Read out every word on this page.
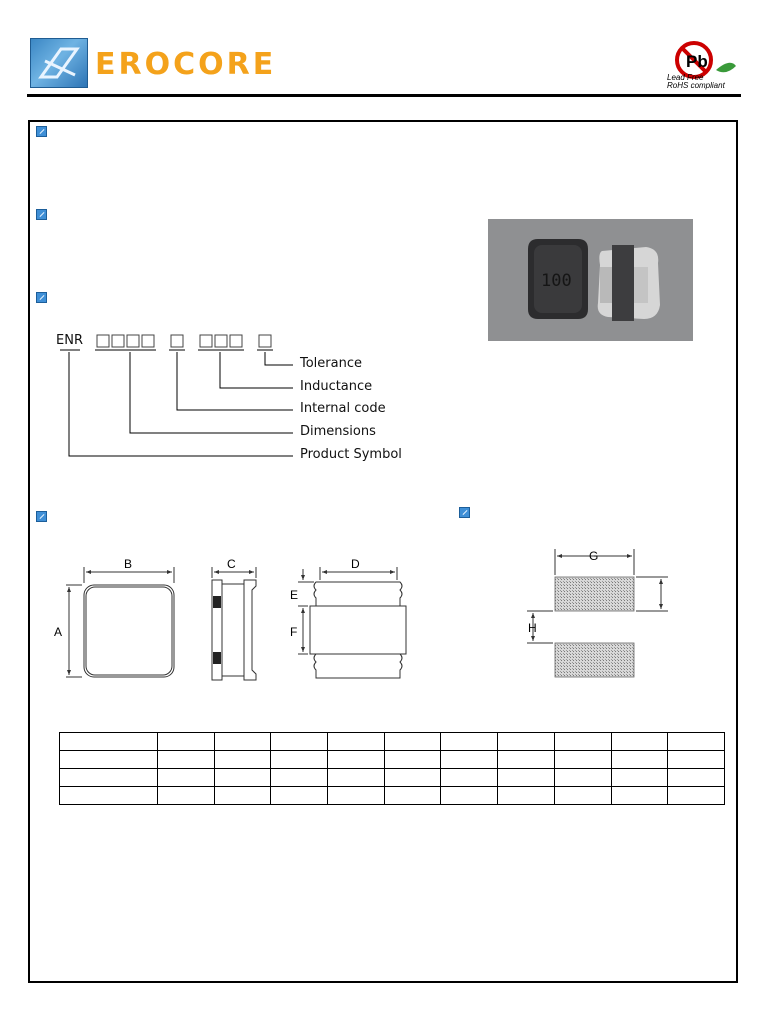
EROCORE	Pb
Lead Free
RoHS compliant
100
ENR
Tolerance
Inductance
Internal code
Dimensions
Product Symbol
B
A
C	D
E
F
G
H
